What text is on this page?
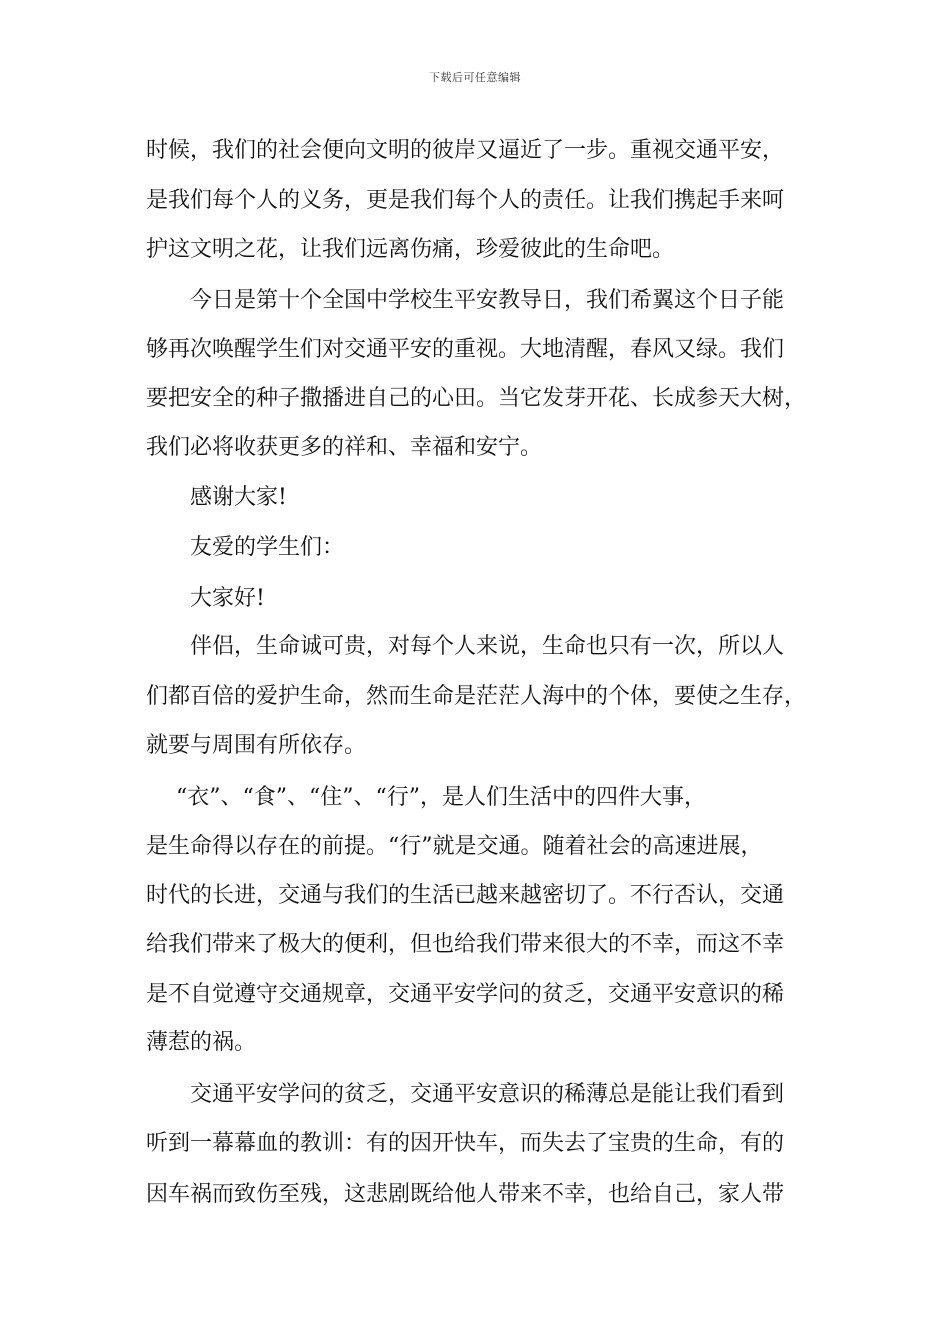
下载后可任意编辑
时候，我们的社会便向文明的彼岸又逼近了一步。重视交通平安，
是我们每个人的义务，更是我们每个人的责任。让我们携起手来呵
护这文明之花，让我们远离伤痛，珍爱彼此的生命吧。
今日是第十个全国中学校生平安教导日，我们希翼这个日子能
够再次唤醒学生们对交通平安的重视。大地清醒，春风又绿。我们
要把安全的种子撒播进自己的心田。当它发芽开花、长成参天大树，
我们必将收获更多的祥和、幸福和安宁。
感谢大家!
友爱的学生们：
大家好!
伴侣，生命诚可贵，对每个人来说，生命也只有一次，所以人
们都百倍的爱护生命，然而生命是茫茫人海中的个体，要使之生存，
就要与周围有所依存。
“衣”、“食”、“住”、“行”，是人们生活中的四件大事，
是生命得以存在的前提。“行”就是交通。随着社会的高速进展，
时代的长进，交通与我们的生活已越来越密切了。不行否认，交通
给我们带来了极大的便利，但也给我们带来很大的不幸，而这不幸
是不自觉遵守交通规章，交通平安学问的贫乏，交通平安意识的稀
薄惹的祸。
交通平安学问的贫乏，交通平安意识的稀薄总是能让我们看到
听到一幕幕血的教训：有的因开快车，而失去了宝贵的生命，有的
因车祸而致伤至残，这悲剧既给他人带来不幸，也给自己，家人带
